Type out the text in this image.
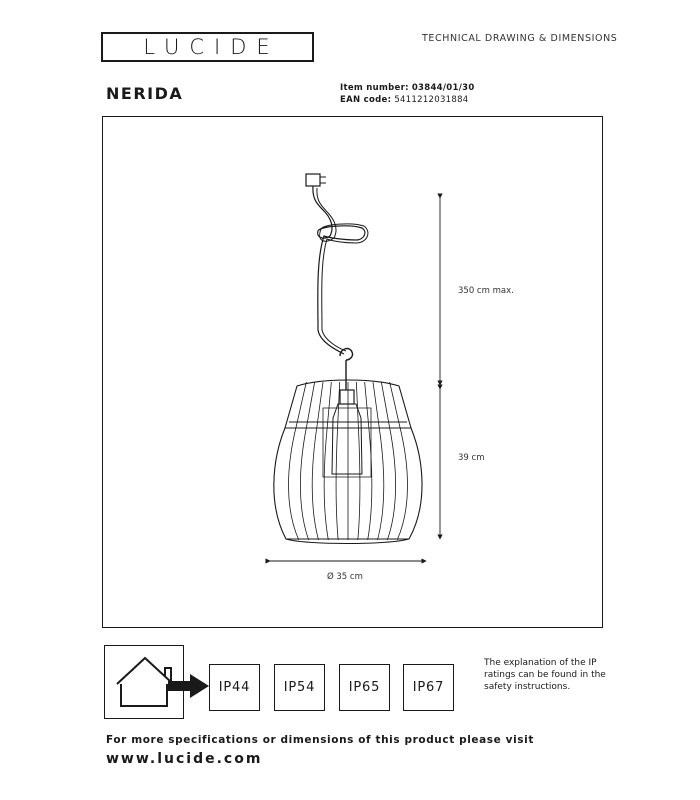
LUCIDE	TECHNICAL DRAWING & DIMENSIONS
NERIDA	Item number: 03844/01/30
EAN code: 5411212031884
350 cm max.
39 cm
Ø 35 cm
IP44	IP54	IP65	IP67
The explanation of the IP ratings can be found in the safety instructions.
For more specifications or dimensions of this product please visit
www.lucide.com
